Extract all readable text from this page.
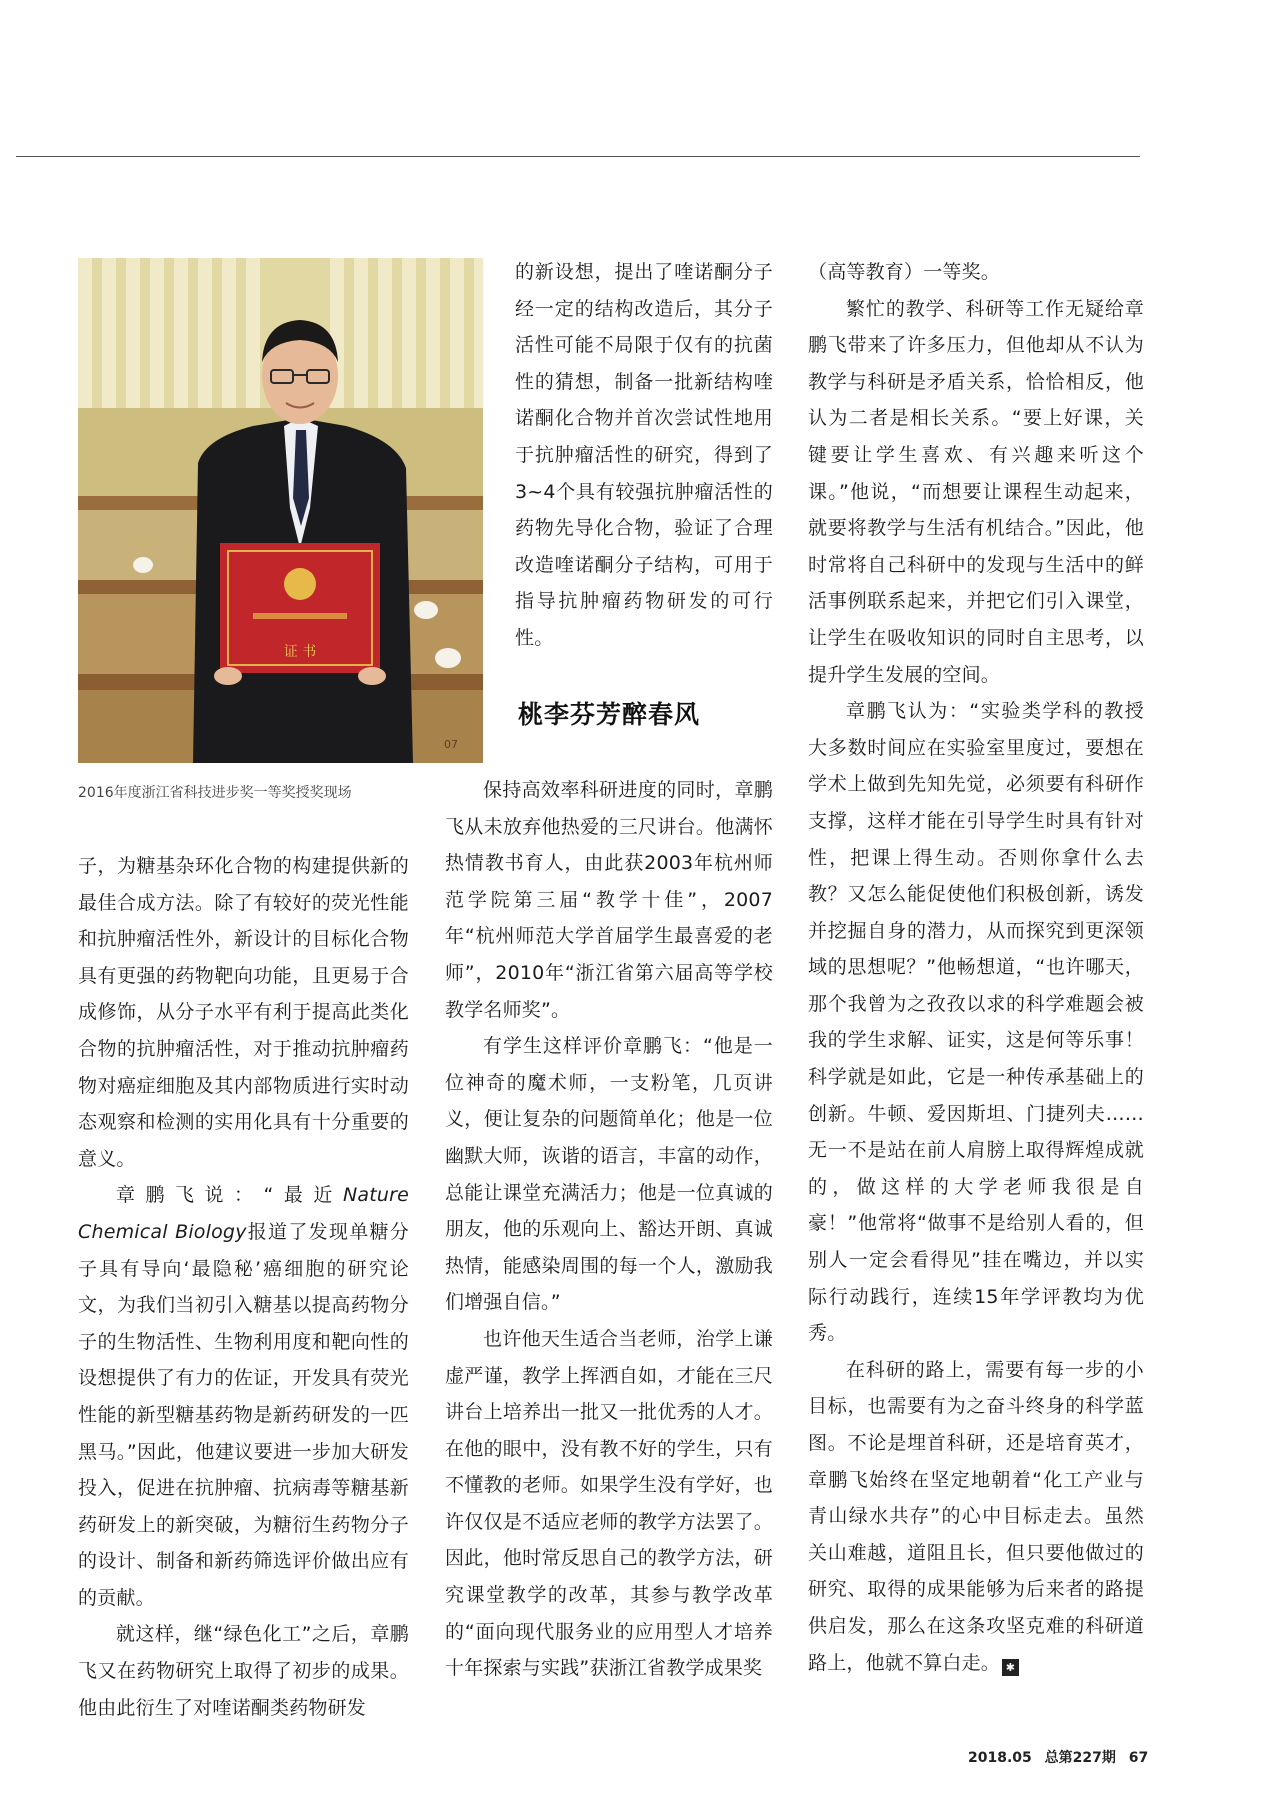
证 书
07
2016年度浙江省科技进步奖一等奖授奖现场

子，为糖基杂环化合物的构建提供新的最佳合成方法。除了有较好的荧光性能和抗肿瘤活性外，新设计的目标化合物具有更强的药物靶向功能，且更易于合成修饰，从分子水平有利于提高此类化合物的抗肿瘤活性，对于推动抗肿瘤药物对癌症细胞及其内部物质进行实时动态观察和检测的实用化具有十分重要的意义。

章鹏飞说：“最近Nature Chemical Biology报道了发现单糖分子具有导向‘最隐秘’癌细胞的研究论文，为我们当初引入糖基以提高药物分子的生物活性、生物利用度和靶向性的设想提供了有力的佐证，开发具有荧光性能的新型糖基药物是新药研发的一匹黑马。”因此，他建议要进一步加大研发投入，促进在抗肿瘤、抗病毒等糖基新药研发上的新突破，为糖衍生药物分子的设计、制备和新药筛选评价做出应有的贡献。

就这样，继“绿色化工”之后，章鹏飞又在药物研究上取得了初步的成果。他由此衍生了对喹诺酮类药物研发

的新设想，提出了喹诺酮分子经一定的结构改造后，其分子活性可能不局限于仅有的抗菌性的猜想，制备一批新结构喹诺酮化合物并首次尝试性地用于抗肿瘤活性的研究，得到了3~4个具有较强抗肿瘤活性的药物先导化合物，验证了合理改造喹诺酮分子结构，可用于指导抗肿瘤药物研发的可行性。
桃李芬芳醉春风

保持高效率科研进度的同时，章鹏飞从未放弃他热爱的三尺讲台。他满怀热情教书育人，由此获2003年杭州师范学院第三届“教学十佳”，2007年“杭州师范大学首届学生最喜爱的老师”，2010年“浙江省第六届高等学校教学名师奖”。

有学生这样评价章鹏飞：“他是一位神奇的魔术师，一支粉笔，几页讲义，便让复杂的问题简单化；他是一位幽默大师，诙谐的语言，丰富的动作，总能让课堂充满活力；他是一位真诚的朋友，他的乐观向上、豁达开朗、真诚热情，能感染周围的每一个人，激励我们增强自信。”

也许他天生适合当老师，治学上谦虚严谨，教学上挥洒自如，才能在三尺讲台上培养出一批又一批优秀的人才。在他的眼中，没有教不好的学生，只有不懂教的老师。如果学生没有学好，也许仅仅是不适应老师的教学方法罢了。因此，他时常反思自己的教学方法，研究课堂教学的改革，其参与教学改革的“面向现代服务业的应用型人才培养十年探索与实践”获浙江省教学成果奖

（高等教育）一等奖。

繁忙的教学、科研等工作无疑给章鹏飞带来了许多压力，但他却从不认为教学与科研是矛盾关系，恰恰相反，他认为二者是相长关系。“要上好课，关键要让学生喜欢、有兴趣来听这个课。”他说，“而想要让课程生动起来，就要将教学与生活有机结合。”因此，他时常将自己科研中的发现与生活中的鲜活事例联系起来，并把它们引入课堂，让学生在吸收知识的同时自主思考，以提升学生发展的空间。

章鹏飞认为：“实验类学科的教授大多数时间应在实验室里度过，要想在学术上做到先知先觉，必须要有科研作支撑，这样才能在引导学生时具有针对性，把课上得生动。否则你拿什么去教？又怎么能促使他们积极创新，诱发并挖掘自身的潜力，从而探究到更深领域的思想呢？”他畅想道，“也许哪天，那个我曾为之孜孜以求的科学难题会被我的学生求解、证实，这是何等乐事！科学就是如此，它是一种传承基础上的创新。牛顿、爱因斯坦、门捷列夫……无一不是站在前人肩膀上取得辉煌成就的，做这样的大学老师我很是自豪！”他常将“做事不是给别人看的，但别人一定会看得见”挂在嘴边，并以实际行动践行，连续15年学评教均为优秀。

在科研的路上，需要有每一步的小目标，也需要有为之奋斗终身的科学蓝图。不论是埋首科研，还是培育英才，章鹏飞始终在坚定地朝着“化工产业与青山绿水共存”的心中目标走去。虽然关山难越，道阻且长，但只要他做过的研究、取得的成果能够为后来者的路提供启发，那么在这条攻坚克难的科研道路上，他就不算白走。 ✱

2018.05 总第227期 67
